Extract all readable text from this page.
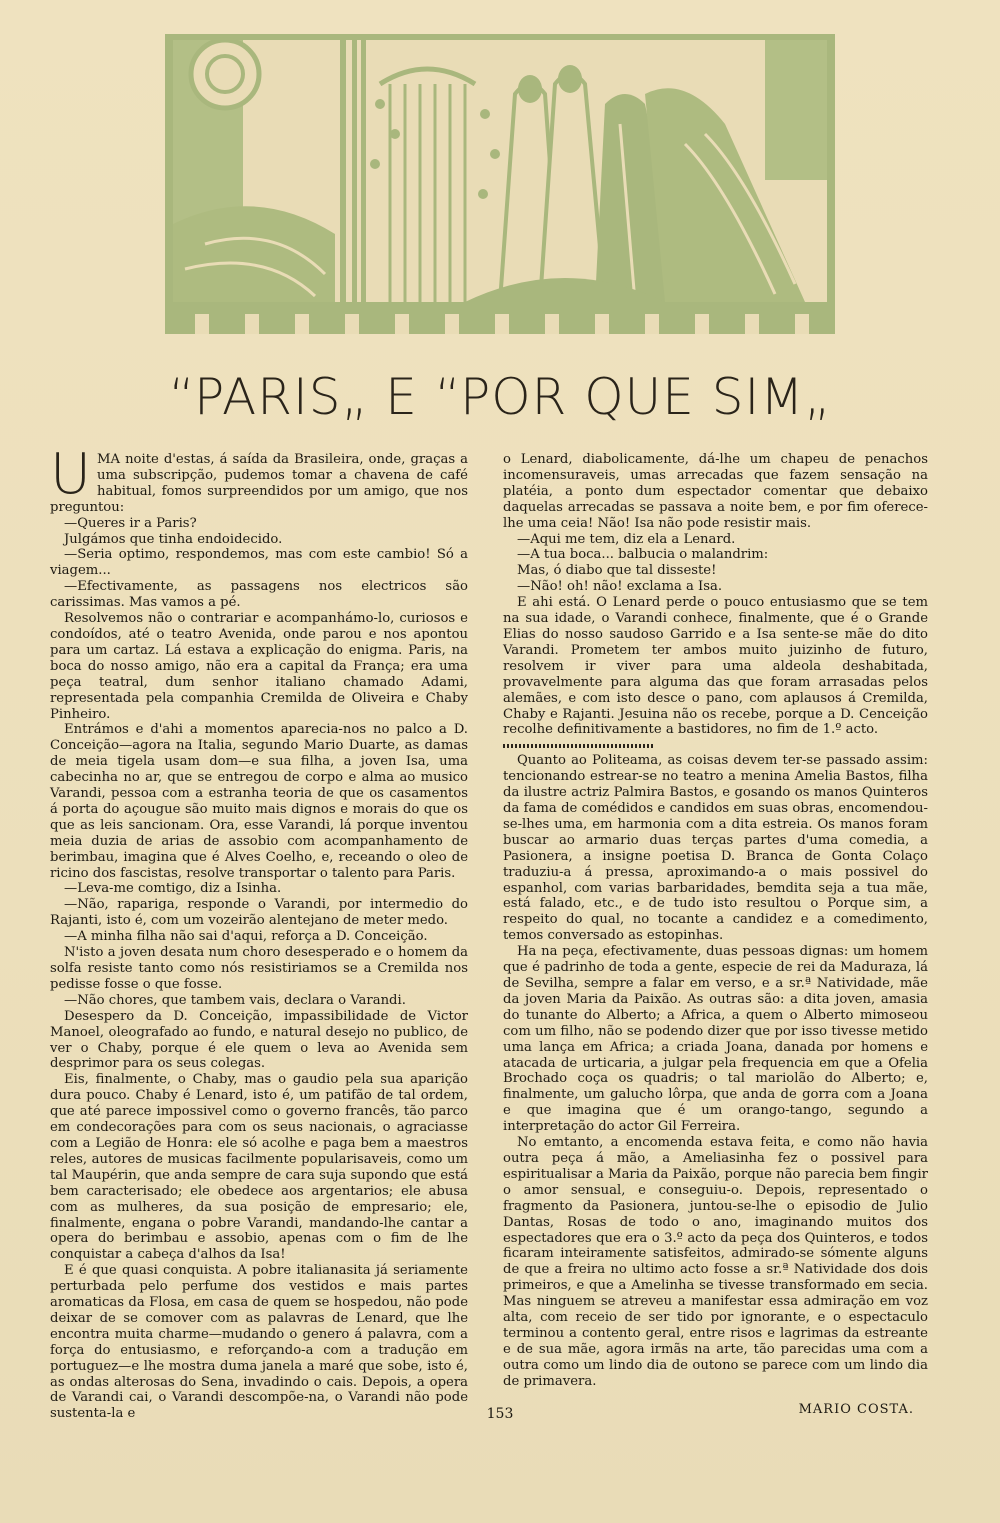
“PARIS„ E “POR QUE SIM„
U MA noite d'estas, á saída da Brasileira, onde, graças a uma subscripção, pudemos tomar a chavena de café habitual, fomos surpreendidos por um amigo, que nos preguntou:

—Queres ir a Paris?

Julgámos que tinha endoidecido.

—Seria optimo, respondemos, mas com este cambio! Só a viagem...

—Efectivamente, as passagens nos electricos são carissimas. Mas vamos a pé.

Resolvemos não o contrariar e acompanhámo-lo, curiosos e condoídos, até o teatro Avenida, onde parou e nos apontou para um cartaz. Lá estava a explicação do enigma. Paris, na boca do nosso amigo, não era a capital da França; era uma peça teatral, dum senhor italiano chamado Adami, representada pela companhia Cremilda de Oliveira e Chaby Pinheiro.

Entrámos e d'ahi a momentos aparecia-nos no palco a D. Conceição—agora na Italia, segundo Mario Duarte, as damas de meia tigela usam dom—e sua filha, a joven Isa, uma cabecinha no ar, que se entregou de corpo e alma ao musico Varandi, pessoa com a estranha teoria de que os casamentos á porta do açougue são muito mais dignos e morais do que os que as leis sancionam. Ora, esse Varandi, lá porque inventou meia duzia de arias de assobio com acompanhamento de berimbau, imagina que é Alves Coelho, e, receando o oleo de ricino dos fascistas, resolve transportar o talento para Paris.

—Leva-me comtigo, diz a Isinha.

—Não, rapariga, responde o Varandi, por intermedio do Rajanti, isto é, com um vozeirão alentejano de meter medo.

—A minha filha não sai d'aqui, reforça a D. Conceição.

N'isto a joven desata num choro desesperado e o homem da solfa resiste tanto como nós resistiriamos se a Cremilda nos pedisse fosse o que fosse.

—Não chores, que tambem vais, declara o Varandi.

Desespero da D. Conceição, impassibilidade de Victor Manoel, oleografado ao fundo, e natural desejo no publico, de ver o Chaby, porque é ele quem o leva ao Avenida sem desprimor para os seus colegas.

Eis, finalmente, o Chaby, mas o gaudio pela sua aparição dura pouco. Chaby é Lenard, isto é, um patifão de tal ordem, que até parece impossivel como o governo francês, tão parco em condecorações para com os seus nacionais, o agraciasse com a Legião de Honra: ele só acolhe e paga bem a maestros reles, autores de musicas facilmente popularisaveis, como um tal Maupérin, que anda sempre de cara suja supondo que está bem caracterisado; ele obedece aos argentarios; ele abusa com as mulheres, da sua posição de empresario; ele, finalmente, engana o pobre Varandi, mandando-lhe cantar a opera do berimbau e assobio, apenas com o fim de lhe conquistar a cabeça d'alhos da Isa!

E é que quasi conquista. A pobre italianasita já seriamente perturbada pelo perfume dos vestidos e mais partes aromaticas da Flosa, em casa de quem se hospedou, não pode deixar de se comover com as palavras de Lenard, que lhe encontra muita charme—mudando o genero á palavra, com a força do entusiasmo, e reforçando-a com a tradução em portuguez—e lhe mostra duma janela a maré que sobe, isto é, as ondas alterosas do Sena, invadindo o cais. Depois, a opera de Varandi cai, o Varandi descompõe-na, o Varandi não pode sustenta-la e

o Lenard, diabolicamente, dá-lhe um chapeu de penachos incomensuraveis, umas arrecadas que fazem sensação na platéia, a ponto dum espectador comentar que debaixo daquelas arrecadas se passava a noite bem, e por fim oferece-lhe uma ceia! Não! Isa não pode resistir mais.

—Aqui me tem, diz ela a Lenard.

—A tua boca... balbucia o malandrim:

Mas, ó diabo que tal disseste!

—Não! oh! não! exclama a Isa.

E ahi está. O Lenard perde o pouco entusiasmo que se tem na sua idade, o Varandi conhece, finalmente, que é o Grande Elias do nosso saudoso Garrido e a Isa sente-se mãe do dito Varandi. Prometem ter ambos muito juizinho de futuro, resolvem ir viver para uma aldeola deshabitada, provavelmente para alguma das que foram arrasadas pelos alemães, e com isto desce o pano, com aplausos á Cremilda, Chaby e Rajanti. Jesuina não os recebe, porque a D. Cenceição recolhe definitivamente a bastidores, no fim de 1.º acto.

Quanto ao Politeama, as coisas devem ter-se passado assim: tencionando estrear-se no teatro a menina Amelia Bastos, filha da ilustre actriz Palmira Bastos, e gosando os manos Quinteros da fama de comédidos e candidos em suas obras, encomendou-se-lhes uma, em harmonia com a dita estreia. Os manos foram buscar ao armario duas terças partes d'uma comedia, a Pasionera, a insigne poetisa D. Branca de Gonta Colaço traduziu-a á pressa, aproximando-a o mais possivel do espanhol, com varias barbaridades, bemdita seja a tua mãe, está falado, etc., e de tudo isto resultou o Porque sim, a respeito do qual, no tocante a candidez e a comedimento, temos conversado as estopinhas.

Ha na peça, efectivamente, duas pessoas dignas: um homem que é padrinho de toda a gente, especie de rei da Maduraza, lá de Sevilha, sempre a falar em verso, e a sr.ª Natividade, mãe da joven Maria da Paixão. As outras são: a dita joven, amasia do tunante do Alberto; a Africa, a quem o Alberto mimoseou com um filho, não se podendo dizer que por isso tivesse metido uma lança em Africa; a criada Joana, danada por homens e atacada de urticaria, a julgar pela frequencia em que a Ofelia Brochado coça os quadris; o tal mariolão do Alberto; e, finalmente, um galucho lôrpa, que anda de gorra com a Joana e que imagina que é um orango-tango, segundo a interpretação do actor Gil Ferreira.

No emtanto, a encomenda estava feita, e como não havia outra peça á mão, a Ameliasinha fez o possivel para espiritualisar a Maria da Paixão, porque não parecia bem fingir o amor sensual, e conseguiu-o. Depois, representado o fragmento da Pasionera, juntou-se-lhe o episodio de Julio Dantas, Rosas de todo o ano, imaginando muitos dos espectadores que era o 3.º acto da peça dos Quinteros, e todos ficaram inteiramente satisfeitos, admirado-se sómente alguns de que a freira no ultimo acto fosse a sr.ª Natividade dos dois primeiros, e que a Amelinha se tivesse transformado em secia. Mas ninguem se atreveu a manifestar essa admiração em voz alta, com receio de ser tido por ignorante, e o espectaculo terminou a contento geral, entre risos e lagrimas da estreante e de sua mãe, agora irmãs na arte, tão parecidas uma com a outra como um lindo dia de outono se parece com um lindo dia de primavera.

MARIO COSTA.
153
